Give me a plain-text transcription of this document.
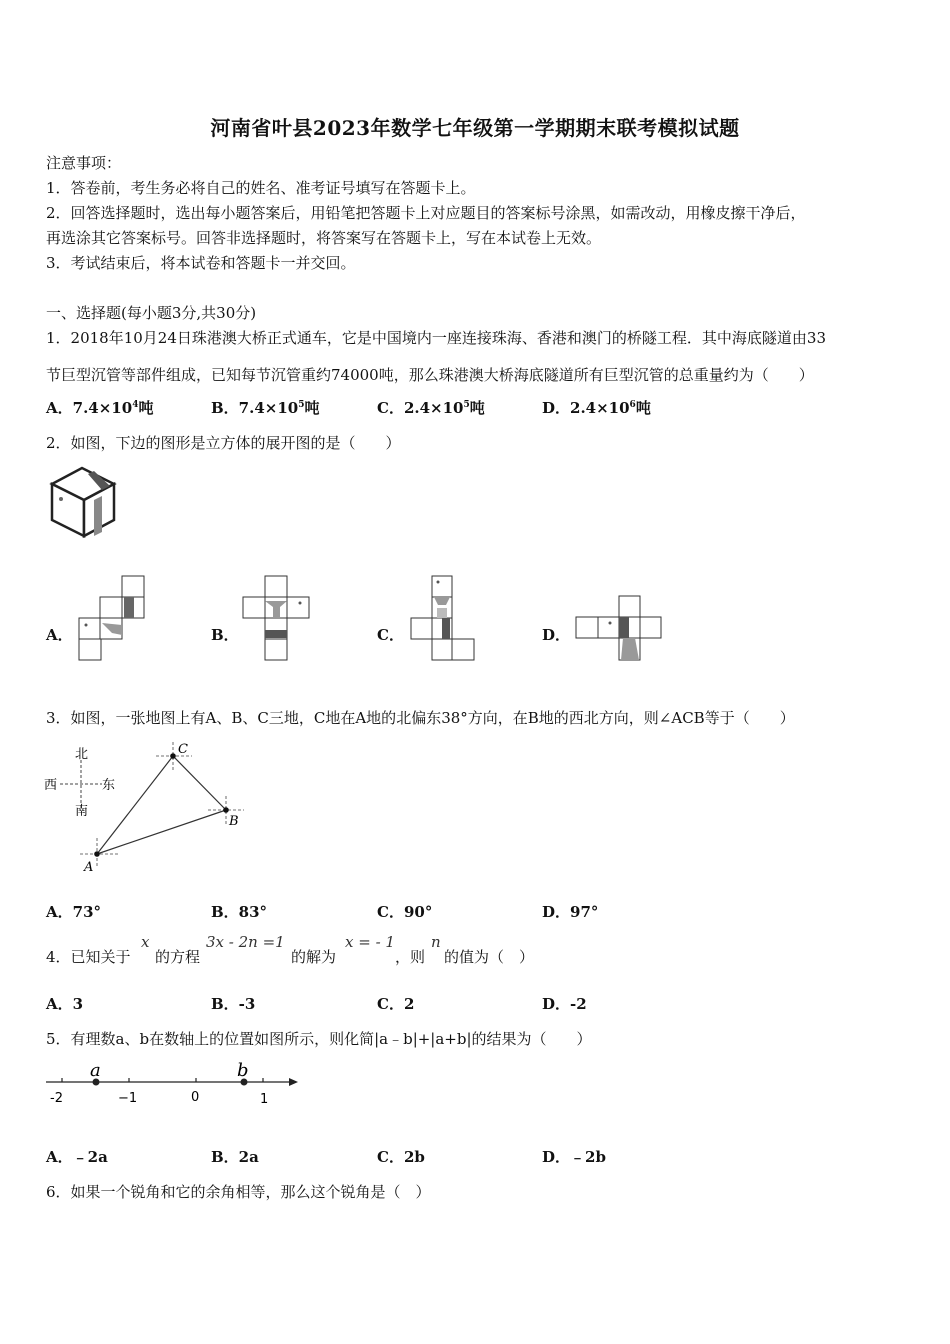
河南省叶县2023年数学七年级第一学期期末联考模拟试题
注意事项：
1．答卷前，考生务必将自己的姓名、准考证号填写在答题卡上。
2．回答选择题时，选出每小题答案后，用铅笔把答题卡上对应题目的答案标号涂黑，如需改动，用橡皮擦干净后，
再选涂其它答案标号。回答非选择题时，将答案写在答题卡上，写在本试卷上无效。
3．考试结束后，将本试卷和答题卡一并交回。
一、选择题(每小题3分,共30分)
1．2018年10月24日珠港澳大桥正式通车，它是中国境内一座连接珠海、香港和澳门的桥隧工程．其中海底隧道由33
节巨型沉管等部件组成，已知每节沉管重约74000吨，那么珠港澳大桥海底隧道所有巨型沉管的总重量约为（　　）
A．$7.4\times 10^4$吨	B．$7.4\times 10^5$吨	C．$2.4\times 10^5$吨	D．$2.4\times 10^6$吨
2．如图，下边的图形是立方体的展开图的是（　　）
A．	B．	C．	D．
3．如图，一张地图上有A、B、C三地，C地在A地的北偏东38°方向，在B地的西北方向，则∠ACB等于（　　）
北
西	东
南
A
C
B
A．73°	B．83°	C．90°	D．97°
4．已知关于
x
的方程
3x - 2n =1
的解为
x = - 1
，则
n
的值为（　）
A．3	B．-3	C．2	D．-2
5．有理数a、b在数轴上的位置如图所示，则化简|a﹣b|+|a+b|的结果为（　　）
a	b
-2	−1	0	1
A．﹣2a	B．2a	C．2b	D．﹣2b
6．如果一个锐角和它的余角相等，那么这个锐角是（　）
